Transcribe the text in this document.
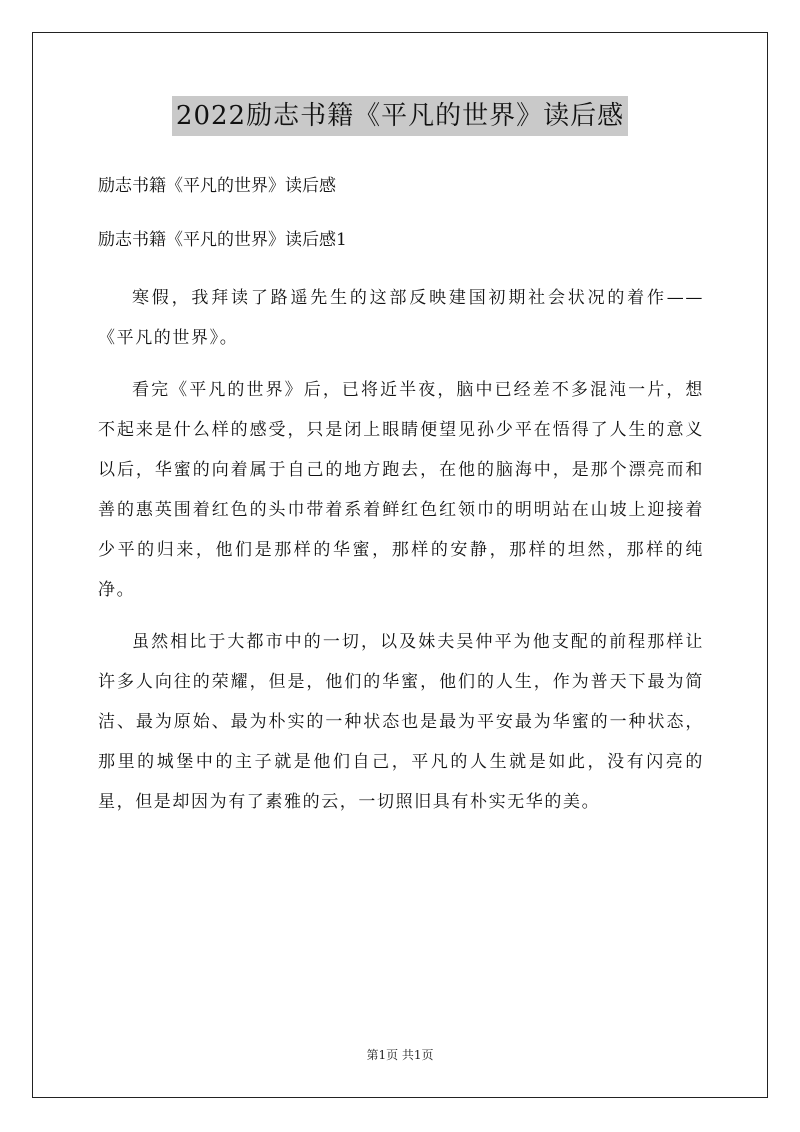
2022励志书籍《平凡的世界》读后感
励志书籍《平凡的世界》读后感
励志书籍《平凡的世界》读后感1

寒假，我拜读了路遥先生的这部反映建国初期社会状况的着作——《平凡的世界》。

看完《平凡的世界》后，已将近半夜，脑中已经差不多混沌一片，想不起来是什么样的感受，只是闭上眼睛便望见孙少平在悟得了人生的意义以后，华蜜的向着属于自己的地方跑去，在他的脑海中，是那个漂亮而和善的惠英围着红色的头巾带着系着鲜红色红领巾的明明站在山坡上迎接着少平的归来，他们是那样的华蜜，那样的安静，那样的坦然，那样的纯净。

虽然相比于大都市中的一切，以及妹夫吴仲平为他支配的前程那样让许多人向往的荣耀，但是，他们的华蜜，他们的人生，作为普天下最为简洁、最为原始、最为朴实的一种状态也是最为平安最为华蜜的一种状态，那里的城堡中的主子就是他们自己，平凡的人生就是如此，没有闪亮的星，但是却因为有了素雅的云，一切照旧具有朴实无华的美。

第1页 共1页
